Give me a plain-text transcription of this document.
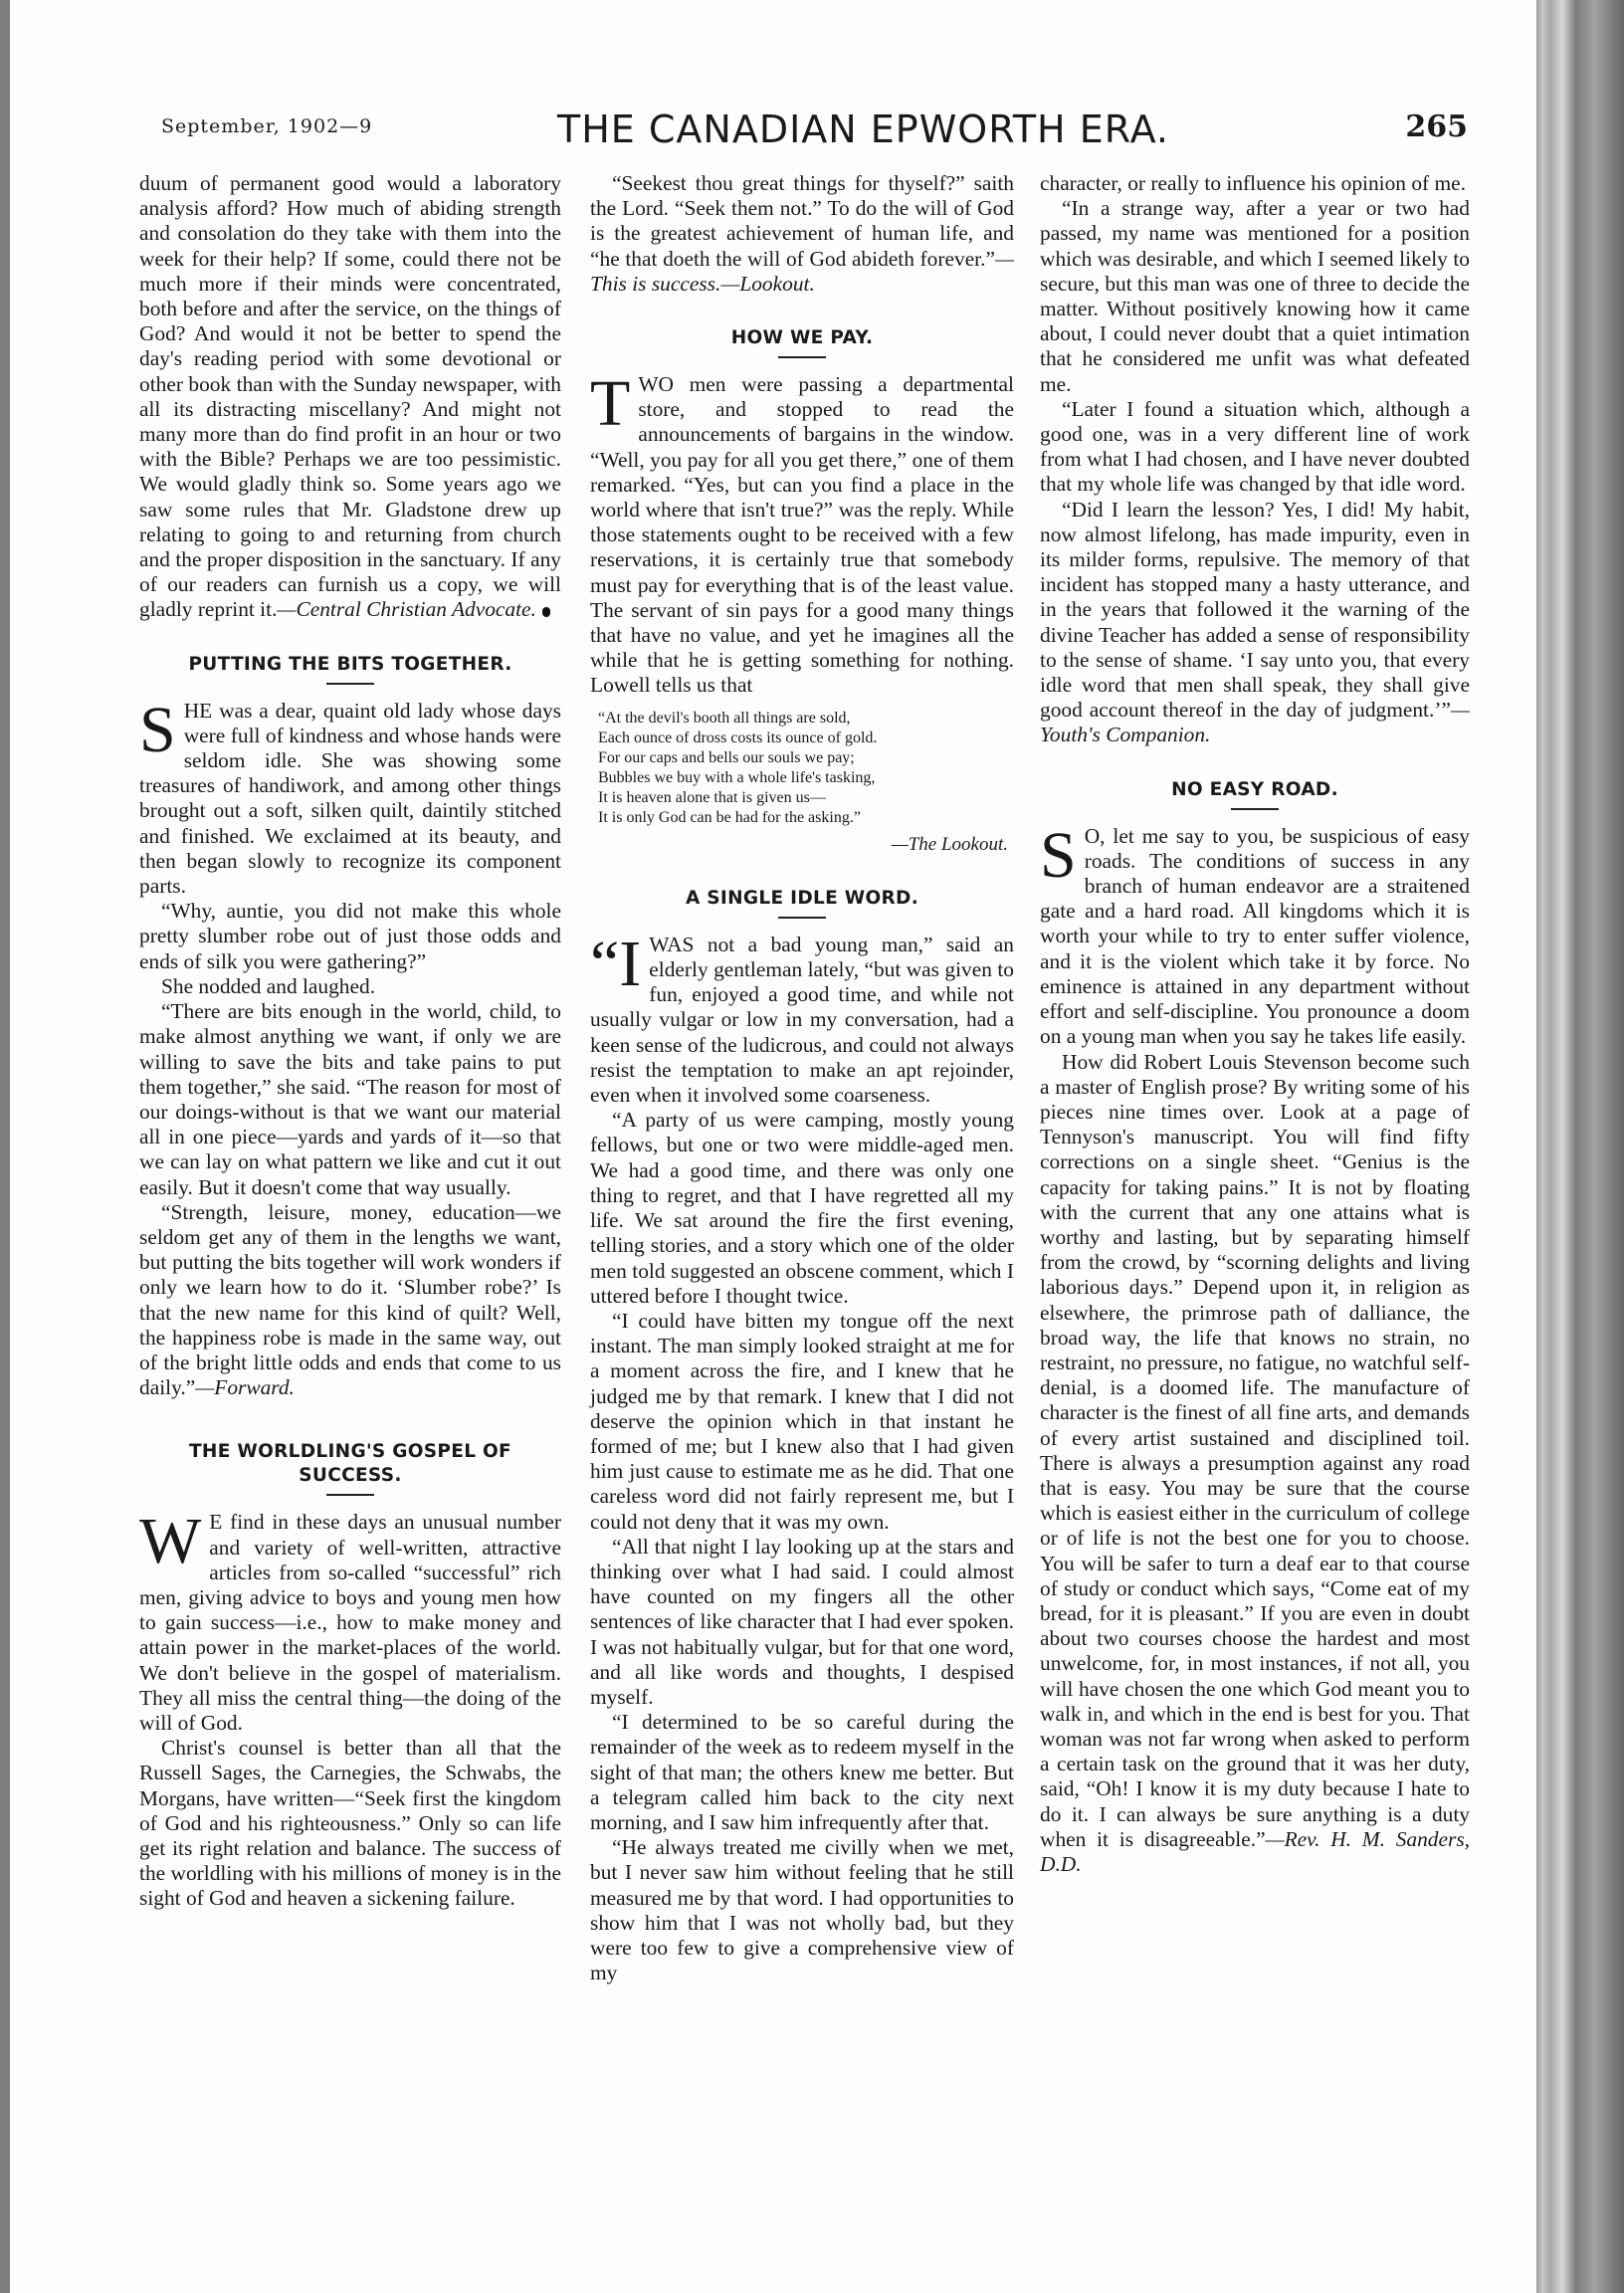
September, 1902—9	THE CANADIAN EPWORTH ERA.	265

duum of permanent good would a laboratory analysis afford? How much of abiding strength and consolation do they take with them into the week for their help? If some, could there not be much more if their minds were concentrated, both before and after the service, on the things of God? And would it not be better to spend the day's reading period with some devotional or other book than with the Sunday newspaper, with all its distracting miscellany? And might not many more than do find profit in an hour or two with the Bible? Perhaps we are too pessimistic. We would gladly think so. Some years ago we saw some rules that Mr. Gladstone drew up relating to going to and returning from church and the proper disposition in the sanctuary. If any of our readers can furnish us a copy, we will gladly reprint it.—Central Christian Advocate.

PUTTING THE BITS TOGETHER.

SHE was a dear, quaint old lady whose days were full of kindness and whose hands were seldom idle. She was showing some treasures of handiwork, and among other things brought out a soft, silken quilt, daintily stitched and finished. We exclaimed at its beauty, and then began slowly to recognize its component parts.

“Why, auntie, you did not make this whole pretty slumber robe out of just those odds and ends of silk you were gathering?”

She nodded and laughed.

“There are bits enough in the world, child, to make almost anything we want, if only we are willing to save the bits and take pains to put them together,” she said. “The reason for most of our doings-without is that we want our material all in one piece—yards and yards of it—so that we can lay on what pattern we like and cut it out easily. But it doesn't come that way usually.

“Strength, leisure, money, education—we seldom get any of them in the lengths we want, but putting the bits together will work wonders if only we learn how to do it. ‘Slumber robe?’ Is that the new name for this kind of quilt? Well, the happiness robe is made in the same way, out of the bright little odds and ends that come to us daily.”—Forward.

THE WORLDLING'S GOSPEL OF SUCCESS.

W E find in these days an unusual number and variety of well-written, attractive articles from so-called “successful” rich men, giving advice to boys and young men how to gain success—i.e., how to make money and attain power in the market-places of the world. We don't believe in the gospel of materialism. They all miss the central thing—the doing of the will of God.

Christ's counsel is better than all that the Russell Sages, the Carnegies, the Schwabs, the Morgans, have written—“Seek first the kingdom of God and his righteousness.” Only so can life get its right relation and balance. The success of the worldling with his millions of money is in the sight of God and heaven a sickening failure.

“Seekest thou great things for thyself?” saith the Lord. “Seek them not.” To do the will of God is the greatest achievement of human life, and “he that doeth the will of God abideth forever.”—This is success.—Lookout.

HOW WE PAY.

TWO men were passing a departmental store, and stopped to read the announcements of bargains in the window. “Well, you pay for all you get there,” one of them remarked. “Yes, but can you find a place in the world where that isn't true?” was the reply. While those statements ought to be received with a few reservations, it is certainly true that somebody must pay for everything that is of the least value. The servant of sin pays for a good many things that have no value, and yet he imagines all the while that he is getting something for nothing. Lowell tells us that

“At the devil's booth all things are sold,
Each ounce of dross costs its ounce of gold.
For our caps and bells our souls we pay;
Bubbles we buy with a whole life's tasking,
It is heaven alone that is given us—
It is only God can be had for the asking.”
—The Lookout.
A SINGLE IDLE WORD.

“IWAS not a bad young man,” said an elderly gentleman lately, “but was given to fun, enjoyed a good time, and while not usually vulgar or low in my conversation, had a keen sense of the ludicrous, and could not always resist the temptation to make an apt rejoinder, even when it involved some coarseness.

“A party of us were camping, mostly young fellows, but one or two were middle-aged men. We had a good time, and there was only one thing to regret, and that I have regretted all my life. We sat around the fire the first evening, telling stories, and a story which one of the older men told suggested an obscene comment, which I uttered before I thought twice.

“I could have bitten my tongue off the next instant. The man simply looked straight at me for a moment across the fire, and I knew that he judged me by that remark. I knew that I did not deserve the opinion which in that instant he formed of me; but I knew also that I had given him just cause to estimate me as he did. That one careless word did not fairly represent me, but I could not deny that it was my own.

“All that night I lay looking up at the stars and thinking over what I had said. I could almost have counted on my fingers all the other sentences of like character that I had ever spoken. I was not habitually vulgar, but for that one word, and all like words and thoughts, I despised myself.

“I determined to be so careful during the remainder of the week as to redeem myself in the sight of that man; the others knew me better. But a telegram called him back to the city next morning, and I saw him infrequently after that.

“He always treated me civilly when we met, but I never saw him without feeling that he still measured me by that word. I had opportunities to show him that I was not wholly bad, but they were too few to give a comprehensive view of my

character, or really to influence his opinion of me.

“In a strange way, after a year or two had passed, my name was mentioned for a position which was desirable, and which I seemed likely to secure, but this man was one of three to decide the matter. Without positively knowing how it came about, I could never doubt that a quiet intimation that he considered me unfit was what defeated me.

“Later I found a situation which, although a good one, was in a very different line of work from what I had chosen, and I have never doubted that my whole life was changed by that idle word.

“Did I learn the lesson? Yes, I did! My habit, now almost lifelong, has made impurity, even in its milder forms, repulsive. The memory of that incident has stopped many a hasty utterance, and in the years that followed it the warning of the divine Teacher has added a sense of responsibility to the sense of shame. ‘I say unto you, that every idle word that men shall speak, they shall give good account thereof in the day of judgment.’”—Youth's Companion.

NO EASY ROAD.

S O, let me say to you, be suspicious of easy roads. The conditions of success in any branch of human endeavor are a straitened gate and a hard road. All kingdoms which it is worth your while to try to enter suffer violence, and it is the violent which take it by force. No eminence is attained in any department without effort and self-discipline. You pronounce a doom on a young man when you say he takes life easily.

How did Robert Louis Stevenson become such a master of English prose? By writing some of his pieces nine times over. Look at a page of Tennyson's manuscript. You will find fifty corrections on a single sheet. “Genius is the capacity for taking pains.” It is not by floating with the current that any one attains what is worthy and lasting, but by separating himself from the crowd, by “scorning delights and living laborious days.” Depend upon it, in religion as elsewhere, the primrose path of dalliance, the broad way, the life that knows no strain, no restraint, no pressure, no fatigue, no watchful self-denial, is a doomed life. The manufacture of character is the finest of all fine arts, and demands of every artist sustained and disciplined toil. There is always a presumption against any road that is easy. You may be sure that the course which is easiest either in the curriculum of college or of life is not the best one for you to choose. You will be safer to turn a deaf ear to that course of study or conduct which says, “Come eat of my bread, for it is pleasant.” If you are even in doubt about two courses choose the hardest and most unwelcome, for, in most instances, if not all, you will have chosen the one which God meant you to walk in, and which in the end is best for you. That woman was not far wrong when asked to perform a certain task on the ground that it was her duty, said, “Oh! I know it is my duty because I hate to do it. I can always be sure anything is a duty when it is disagreeable.”—Rev. H. M. Sanders, D.D.
